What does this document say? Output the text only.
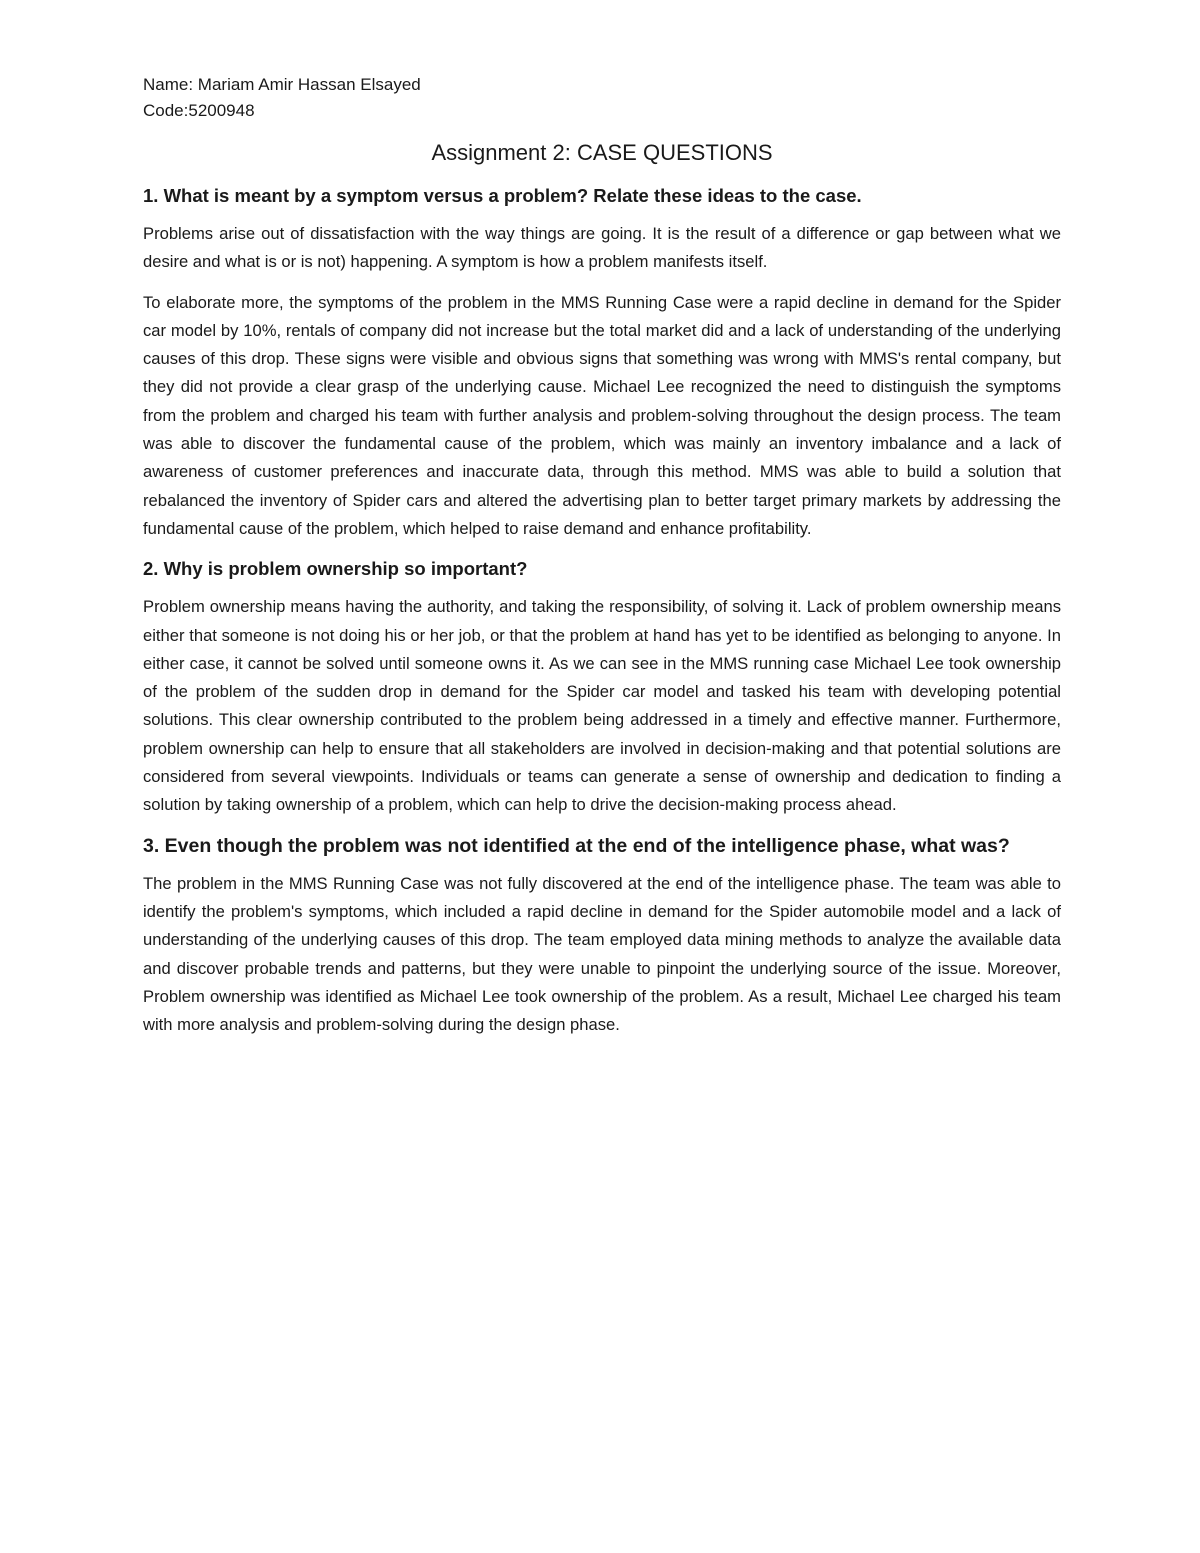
Name: Mariam Amir Hassan Elsayed

Code:5200948

Assignment 2: CASE QUESTIONS

1. What is meant by a symptom versus a problem? Relate these ideas to the case.

Problems arise out of dissatisfaction with the way things are going. It is the result of a difference or gap between what we desire and what is or is not) happening. A symptom is how a problem manifests itself.

To elaborate more, the symptoms of the problem in the MMS Running Case were a rapid decline in demand for the Spider car model by 10%, rentals of company did not increase but the total market did and a lack of understanding of the underlying causes of this drop. These signs were visible and obvious signs that something was wrong with MMS's rental company, but they did not provide a clear grasp of the underlying cause. Michael Lee recognized the need to distinguish the symptoms from the problem and charged his team with further analysis and problem-solving throughout the design process. The team was able to discover the fundamental cause of the problem, which was mainly an inventory imbalance and a lack of awareness of customer preferences and inaccurate data, through this method. MMS was able to build a solution that rebalanced the inventory of Spider cars and altered the advertising plan to better target primary markets by addressing the fundamental cause of the problem, which helped to raise demand and enhance profitability.

2. Why is problem ownership so important?

Problem ownership means having the authority, and taking the responsibility, of solving it. Lack of problem ownership means either that someone is not doing his or her job, or that the problem at hand has yet to be identified as belonging to anyone. In either case, it cannot be solved until someone owns it. As we can see in the MMS running case Michael Lee took ownership of the problem of the sudden drop in demand for the Spider car model and tasked his team with developing potential solutions. This clear ownership contributed to the problem being addressed in a timely and effective manner. Furthermore, problem ownership can help to ensure that all stakeholders are involved in decision-making and that potential solutions are considered from several viewpoints. Individuals or teams can generate a sense of ownership and dedication to finding a solution by taking ownership of a problem, which can help to drive the decision-making process ahead.

3. Even though the problem was not identified at the end of the intelligence phase, what was?

The problem in the MMS Running Case was not fully discovered at the end of the intelligence phase. The team was able to identify the problem's symptoms, which included a rapid decline in demand for the Spider automobile model and a lack of understanding of the underlying causes of this drop. The team employed data mining methods to analyze the available data and discover probable trends and patterns, but they were unable to pinpoint the underlying source of the issue. Moreover, Problem ownership was identified as Michael Lee took ownership of the problem. As a result, Michael Lee charged his team with more analysis and problem-solving during the design phase.
